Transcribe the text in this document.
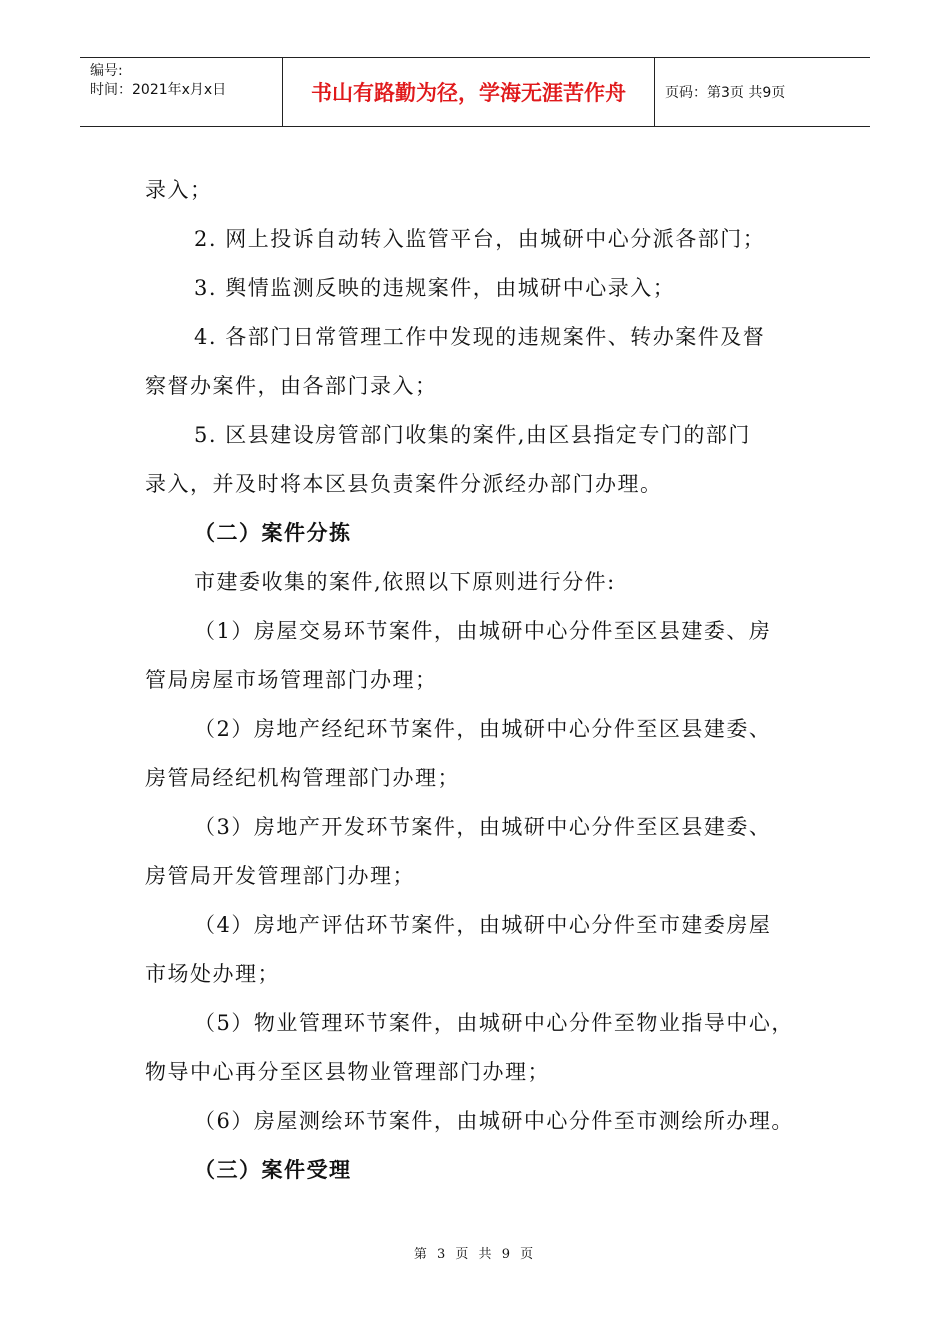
编号:
时间：2021年x月x日	书山有路勤为径，学海无涯苦作舟	页码：第3页 共9页

录入；

2. 网上投诉自动转入监管平台，由城研中心分派各部门；

3. 舆情监测反映的违规案件，由城研中心录入；

4. 各部门日常管理工作中发现的违规案件、转办案件及督

察督办案件，由各部门录入；

5. 区县建设房管部门收集的案件,由区县指定专门的部门

录入，并及时将本区县负责案件分派经办部门办理。

（二）案件分拣

市建委收集的案件,依照以下原则进行分件:

（1）房屋交易环节案件，由城研中心分件至区县建委、房

管局房屋市场管理部门办理；

（2）房地产经纪环节案件，由城研中心分件至区县建委、

房管局经纪机构管理部门办理；

（3）房地产开发环节案件，由城研中心分件至区县建委、

房管局开发管理部门办理；

（4）房地产评估环节案件，由城研中心分件至市建委房屋

市场处办理；

（5）物业管理环节案件，由城研中心分件至物业指导中心，

物导中心再分至区县物业管理部门办理；

（6）房屋测绘环节案件，由城研中心分件至市测绘所办理。

（三）案件受理

第 3 页 共 9 页
